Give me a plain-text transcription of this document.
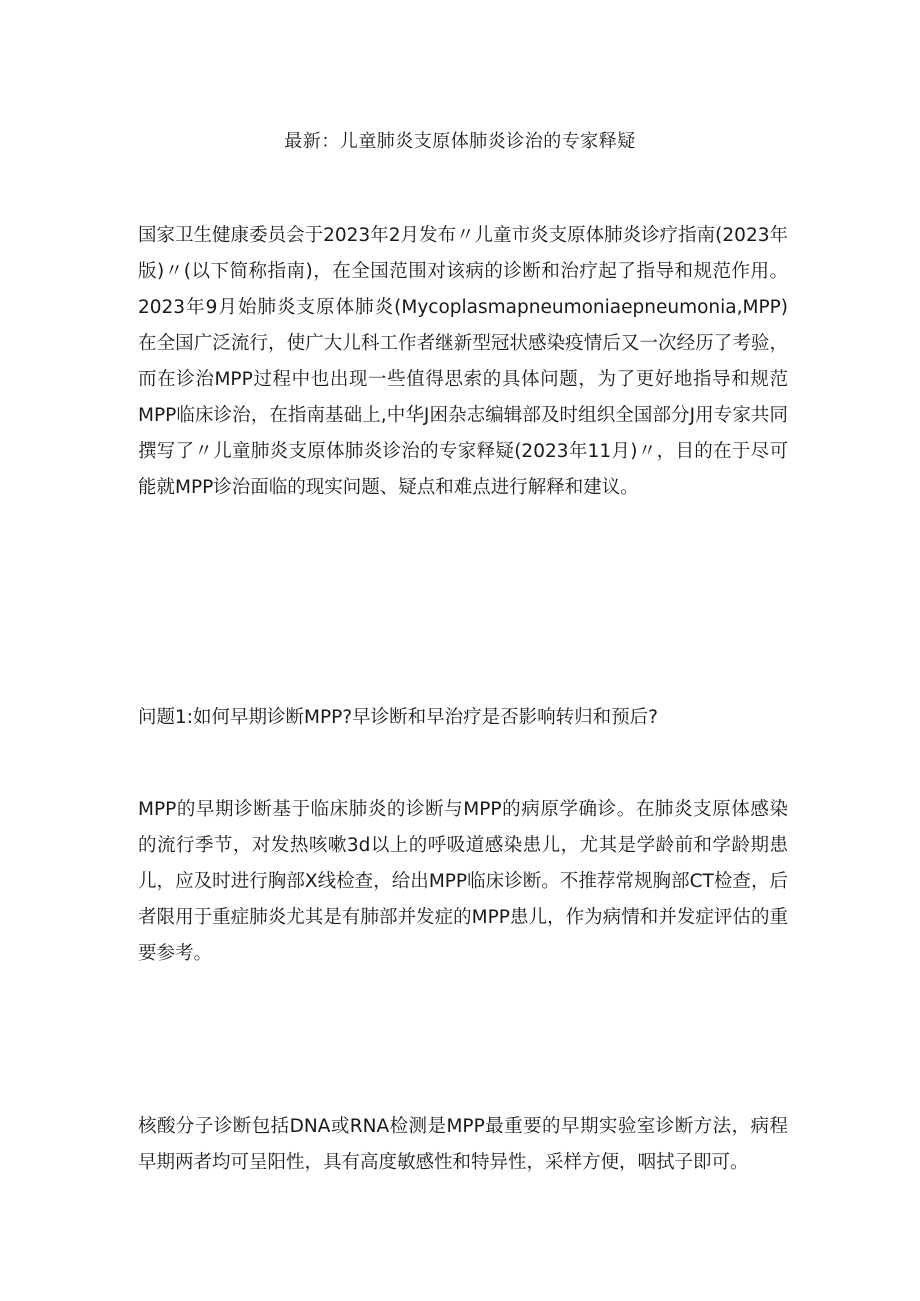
最新：儿童肺炎支原体肺炎诊治的专家释疑

国家卫生健康委员会于2023年2月发布〃儿童市炎支原体肺炎诊疗指南(2023年版)〃(以下简称指南)，在全国范围对该病的诊断和治疗起了指导和规范作用。2023年9月始肺炎支原体肺炎(Mycoplasmapneumoniaepneumonia,MPP)在全国广泛流行，使广大儿科工作者继新型冠状感染疫情后又一次经历了考验，而在诊治MPP过程中也出现一些值得思索的具体问题，为了更好地指导和规范MPP临床诊治，在指南基础上,中华J困杂志编辑部及时组织全国部分J用专家共同撰写了〃儿童肺炎支原体肺炎诊治的专家释疑(2023年11月)〃，目的在于尽可能就MPP诊治面临的现实问题、疑点和难点进行解释和建议。

问题1:如何早期诊断MPP?早诊断和早治疗是否影响转归和预后?

MPP的早期诊断基于临床肺炎的诊断与MPP的病原学确诊。在肺炎支原体感染的流行季节，对发热咳嗽3d以上的呼吸道感染患儿，尤其是学龄前和学龄期患儿，应及时进行胸部X线检查，给出MPP临床诊断。不推荐常规胸部CT检查，后者限用于重症肺炎尤其是有肺部并发症的MPP患儿，作为病情和并发症评估的重要参考。

核酸分子诊断包括DNA或RNA检测是MPP最重要的早期实验室诊断方法，病程早期两者均可呈阳性，具有高度敏感性和特异性，采样方便，咽拭子即可。
